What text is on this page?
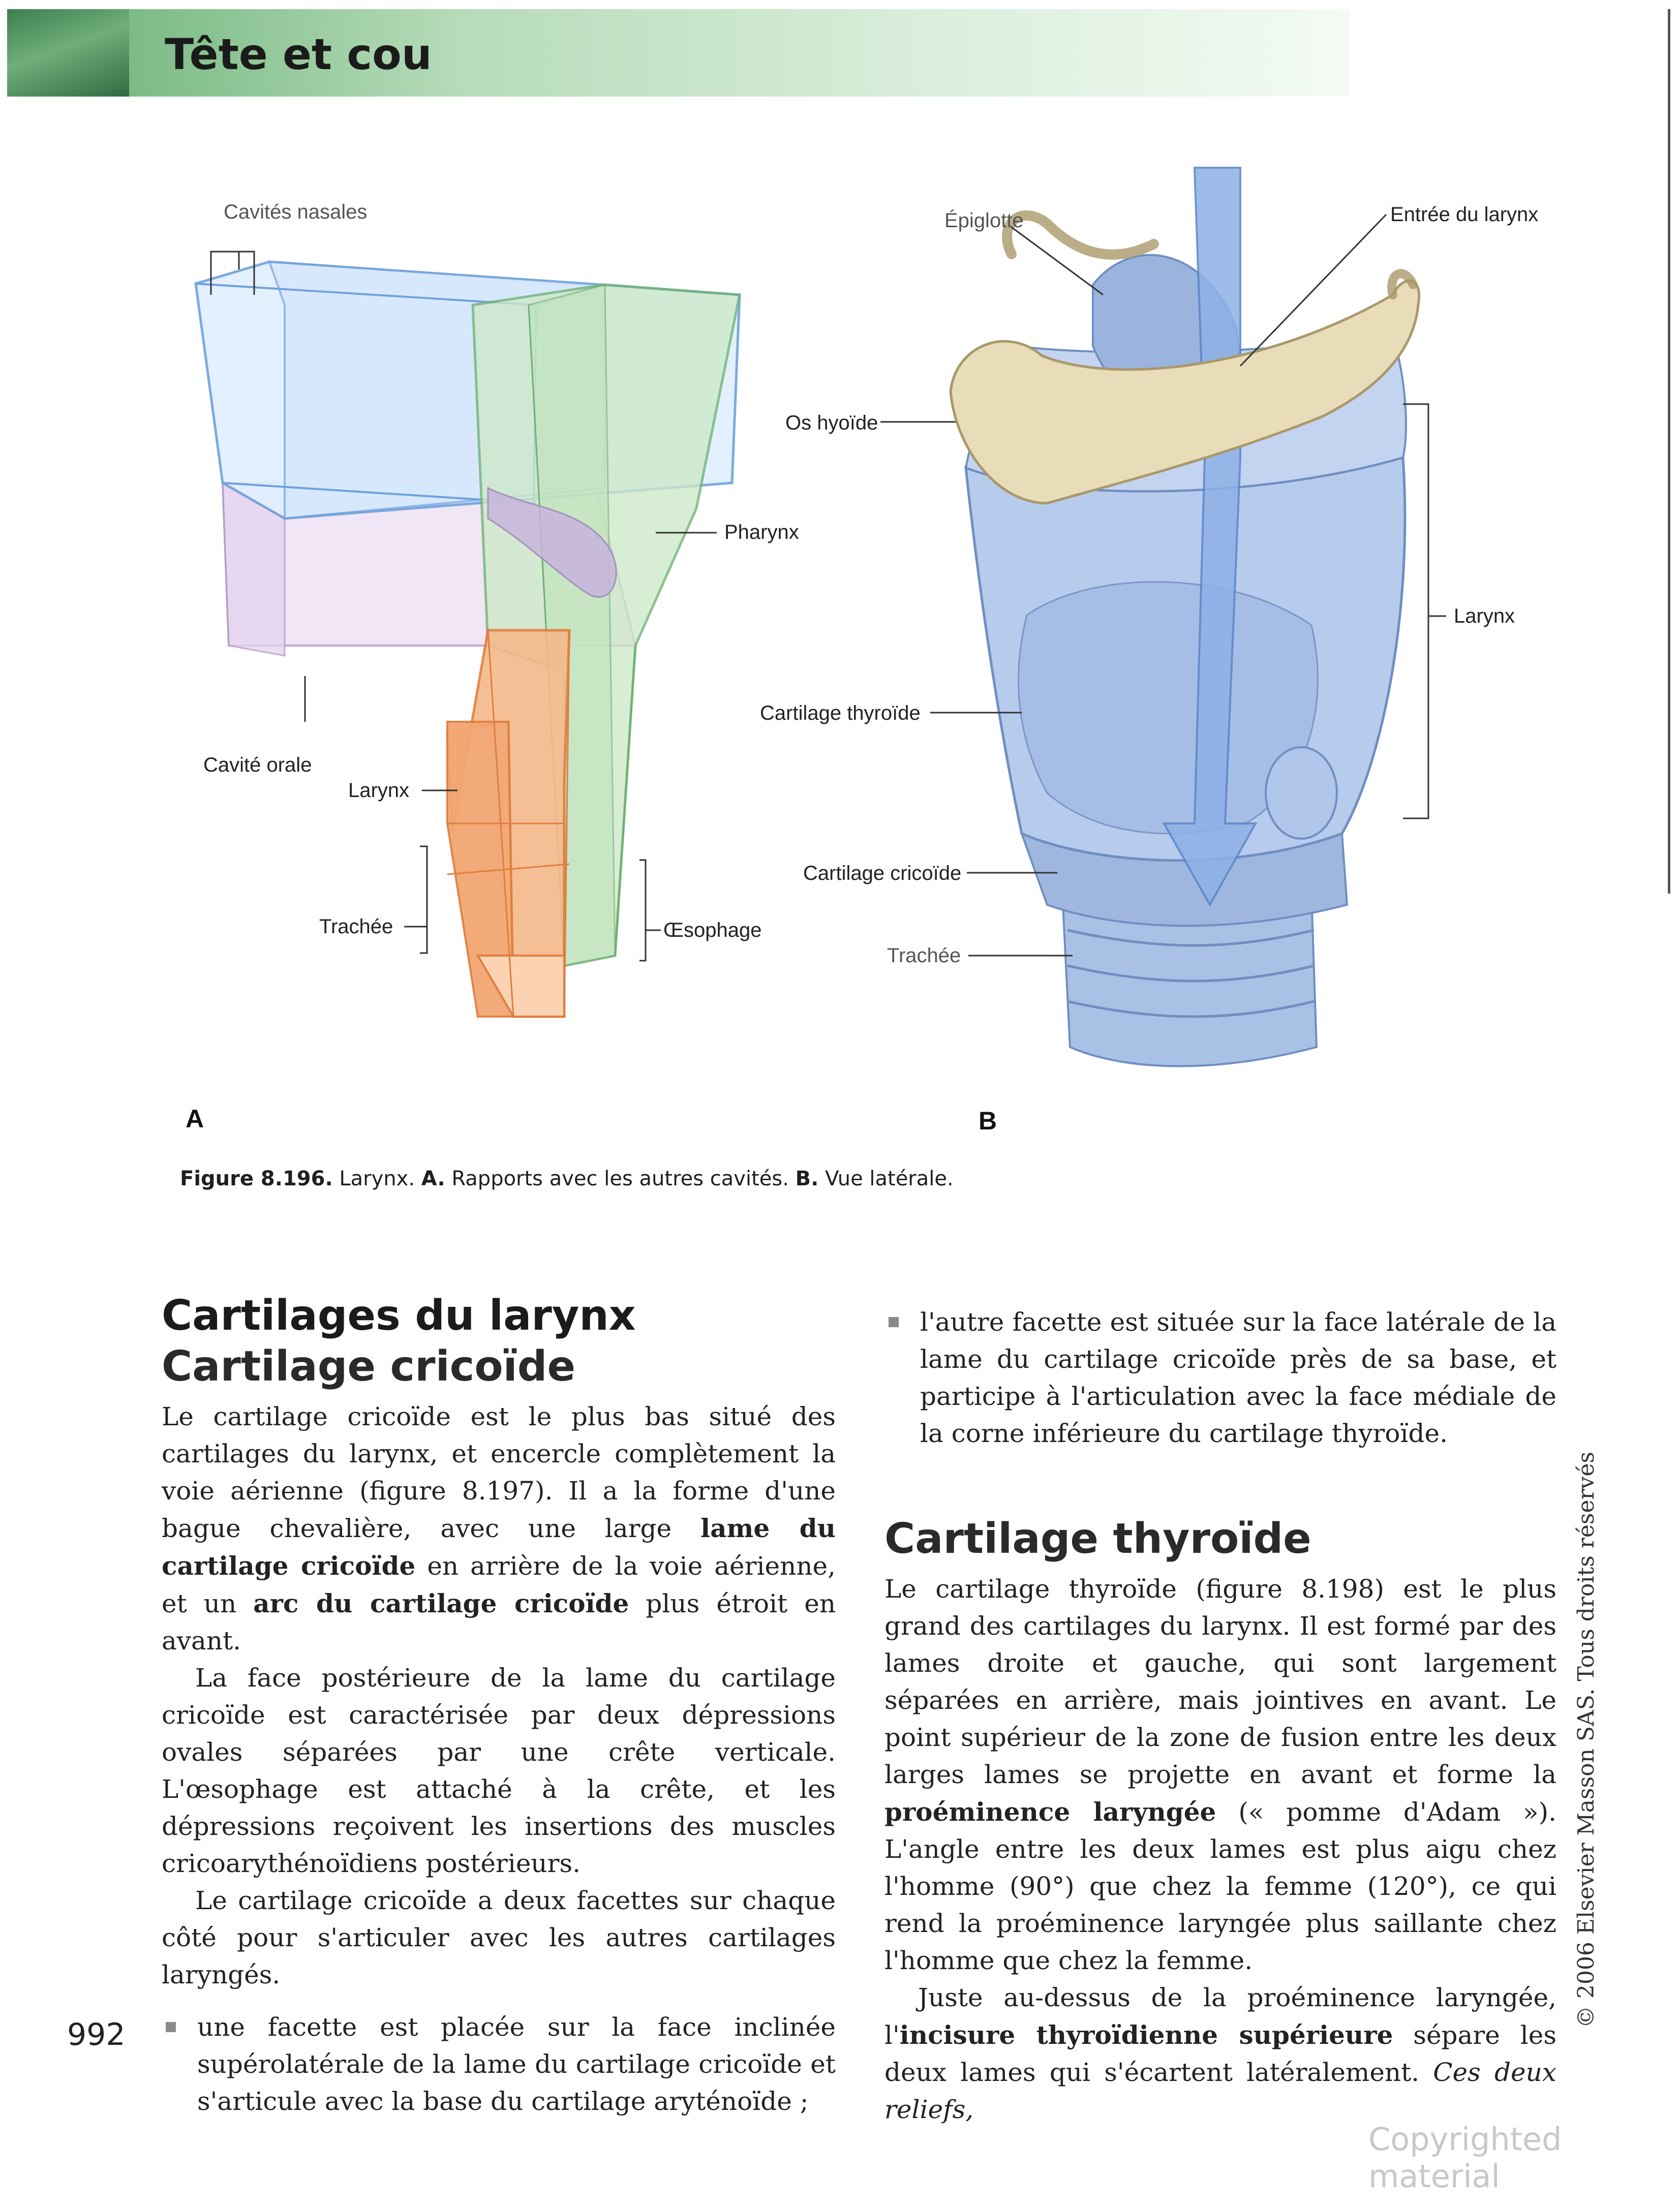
Tête et cou
Cavités nasales
Pharynx
Cavité orale
Larynx
Trachée	Œsophage
A
Épiglotte	Entrée du larynx
Os hyoïde
Larynx
Cartilage thyroïde
Cartilage cricoïde
Trachée
B
Figure 8.196. Larynx. A. Rapports avec les autres cavités. B. Vue latérale.
Cartilages du larynx
Cartilage cricoïde

Le cartilage cricoïde est le plus bas situé des cartilages du larynx, et encercle complètement la voie aérienne (figure 8.197). Il a la forme d'une bague chevalière, avec une large lame du cartilage cricoïde en arrière de la voie aérienne, et un arc du cartilage cricoïde plus étroit en avant.

La face postérieure de la lame du cartilage cricoïde est caractérisée par deux dépressions ovales séparées par une crête verticale. L'œsophage est attaché à la crête, et les dépressions reçoivent les insertions des muscles cricoarythénoïdiens postérieurs.

Le cartilage cricoïde a deux facettes sur chaque côté pour s'articuler avec les autres cartilages laryngés.

une facette est placée sur la face inclinée supérolatérale de la lame du cartilage cricoïde et s'articule avec la base du cartilage aryténoïde ;
l'autre facette est située sur la face latérale de la lame du cartilage cricoïde près de sa base, et participe à l'articulation avec la face médiale de la corne inférieure du cartilage thyroïde.
Cartilage thyroïde

Le cartilage thyroïde (figure 8.198) est le plus grand des cartilages du larynx. Il est formé par des lames droite et gauche, qui sont largement séparées en arrière, mais jointives en avant. Le point supérieur de la zone de fusion entre les deux larges lames se projette en avant et forme la proéminence laryngée (« pomme d'Adam »). L'angle entre les deux lames est plus aigu chez l'homme (90°) que chez la femme (120°), ce qui rend la proéminence laryngée plus saillante chez l'homme que chez la femme.

Juste au-dessus de la proéminence laryngée, l'incisure thyroïdienne supérieure sépare les deux lames qui s'écartent latéralement. Ces deux reliefs,

992
© 2006 Elsevier Masson SAS. Tous droits réservés
Copyrighted material
